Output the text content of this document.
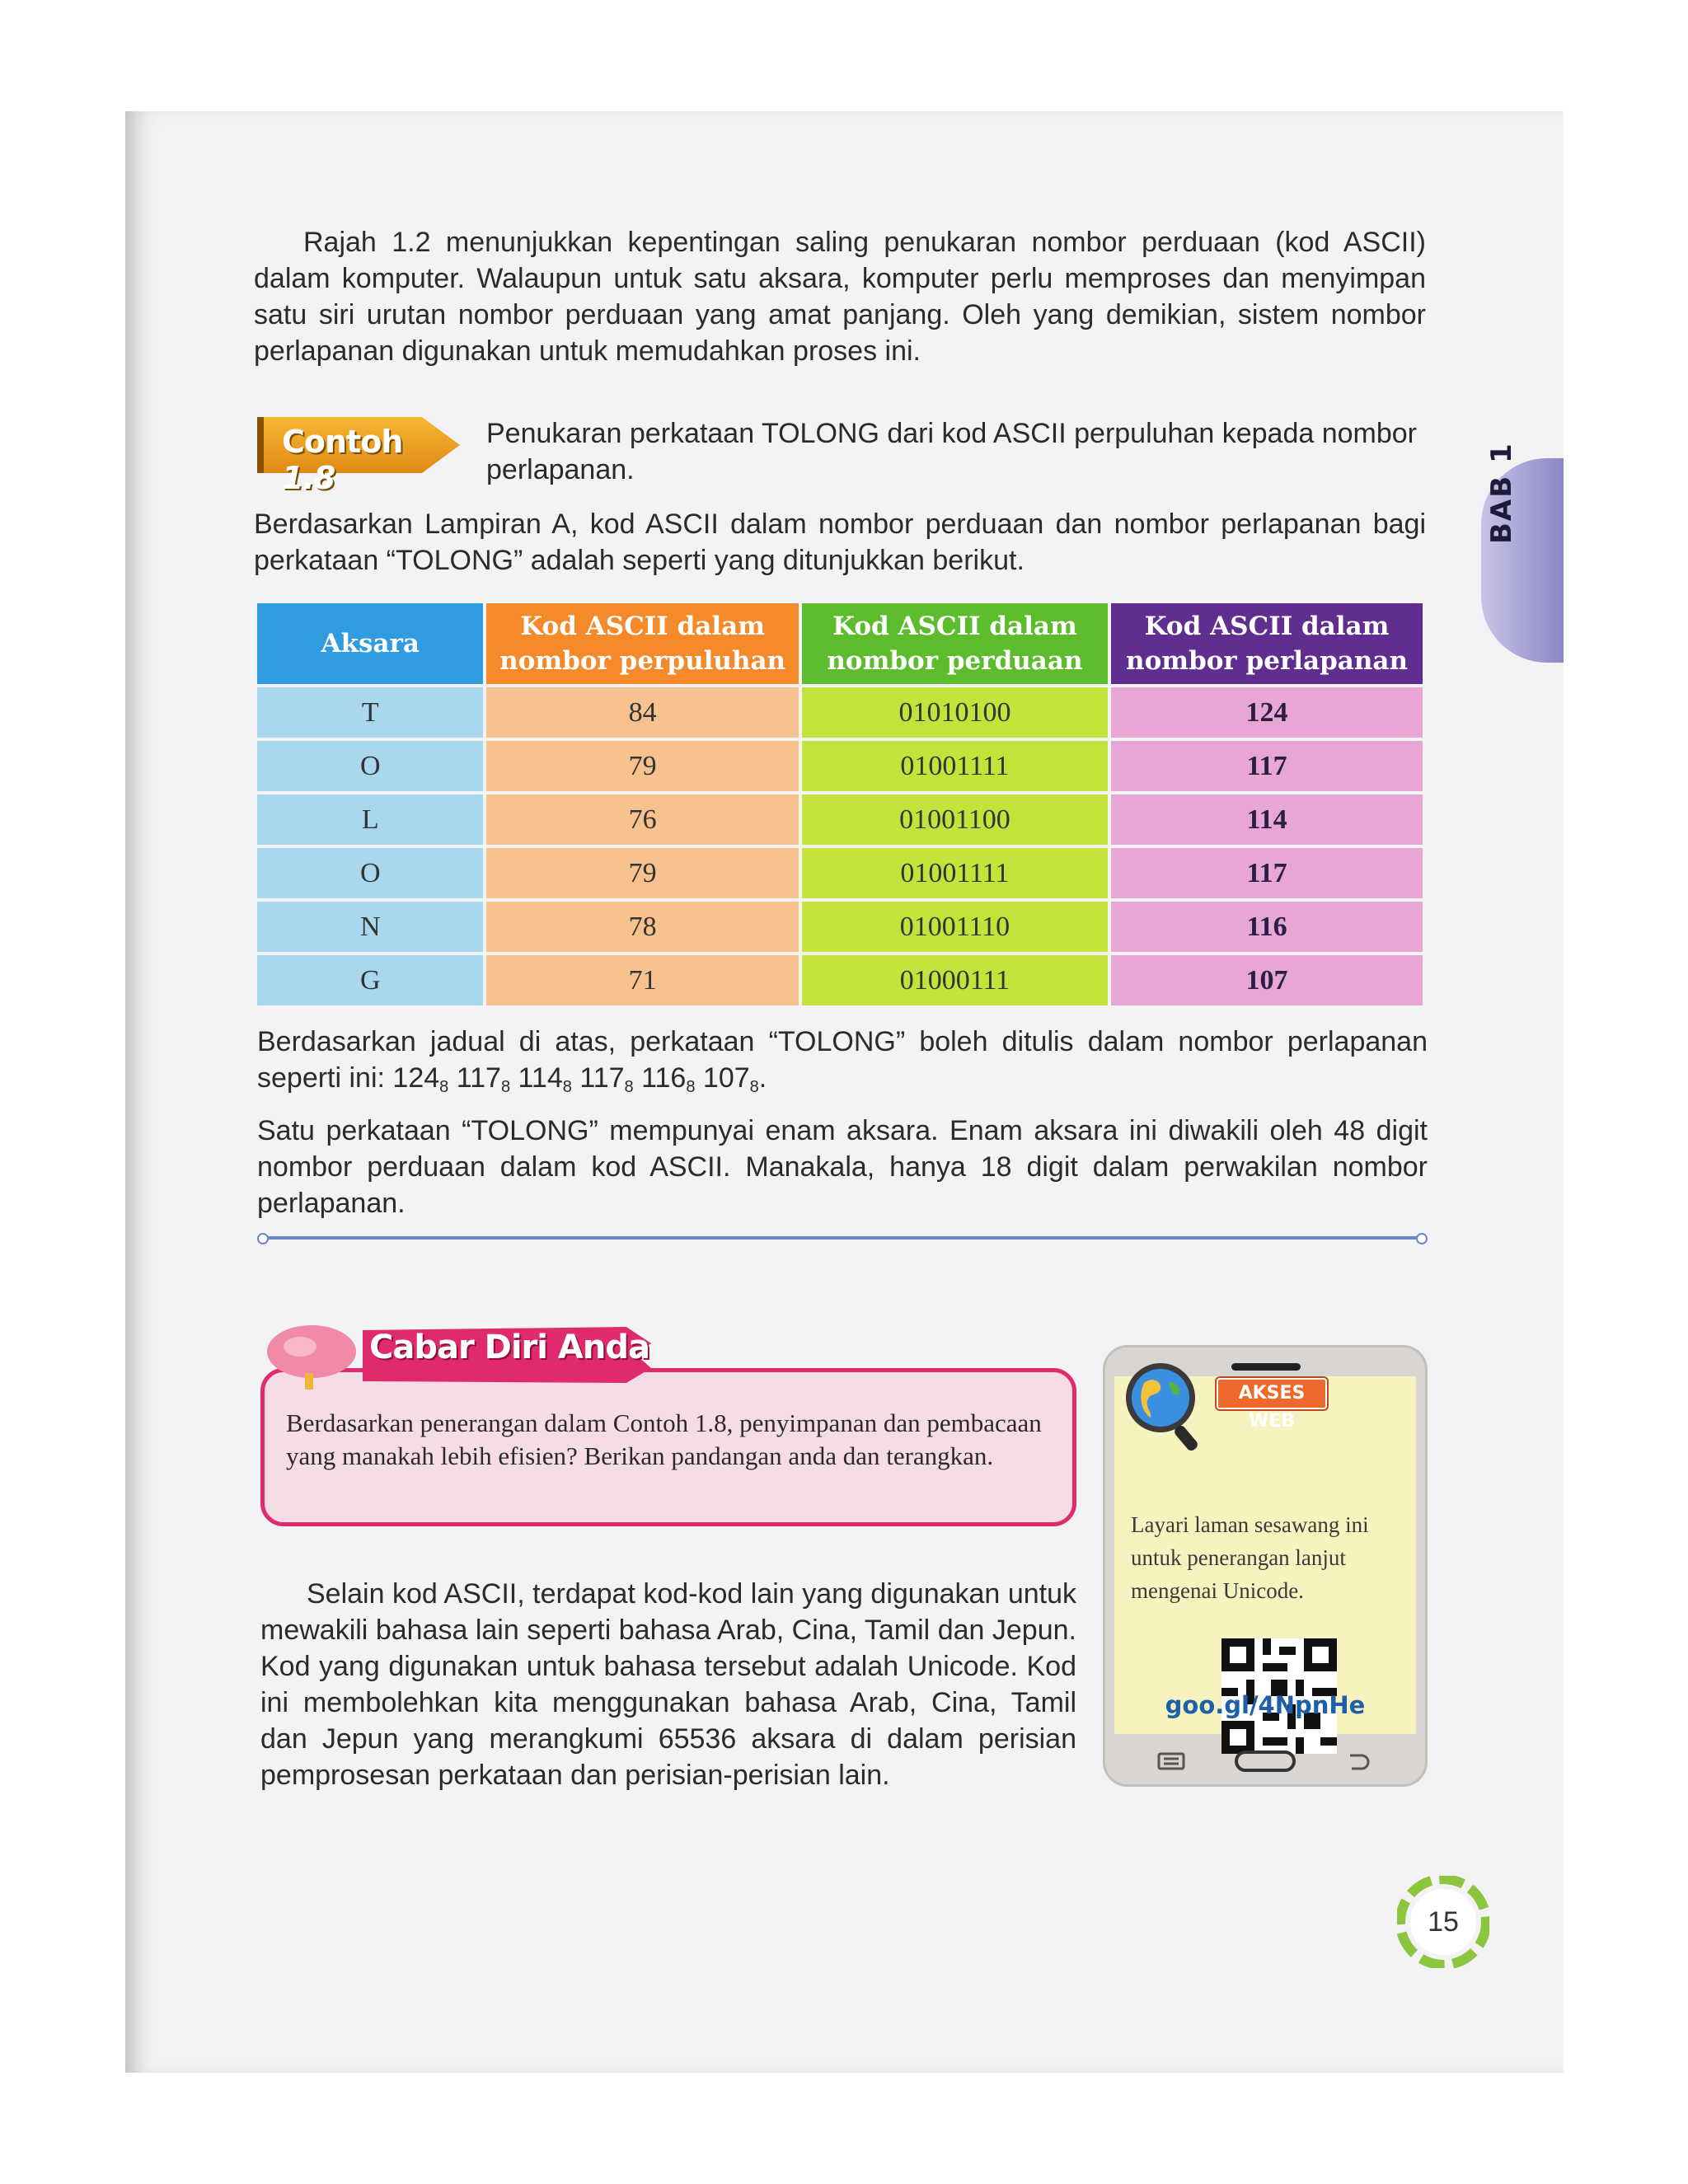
Rajah 1.2 menunjukkan kepentingan saling penukaran nombor perduaan (kod ASCII) dalam komputer. Walaupun untuk satu aksara, komputer perlu memproses dan menyimpan satu siri urutan nombor perduaan yang amat panjang. Oleh yang demikian, sistem nombor perlapanan digunakan untuk memudahkan proses ini.
Contoh 1.8
Penukaran perkataan TOLONG dari kod ASCII perpuluhan kepada nombor perlapanan.
Berdasarkan Lampiran A, kod ASCII dalam nombor perduaan dan nombor perlapanan bagi perkataan “TOLONG” adalah seperti yang ditunjukkan berikut.
Aksara	Kod ASCII dalam nombor perpuluhan	Kod ASCII dalam nombor perduaan	Kod ASCII dalam nombor perlapanan
T	84	01010100	124
O	79	01001111	117
L	76	01001100	114
O	79	01001111	117
N	78	01001110	116
G	71	01000111	107
Berdasarkan jadual di atas, perkataan “TOLONG” boleh ditulis dalam nombor perlapanan seperti ini: $124_8$ $117_8$ $114_8$ $117_8$ $116_8$ $107_8$.
Satu perkataan “TOLONG” mempunyai enam aksara. Enam aksara ini diwakili oleh 48 digit nombor perduaan dalam kod ASCII. Manakala, hanya 18 digit dalam perwakilan nombor perlapanan.
Berdasarkan penerangan dalam Contoh 1.8, penyimpanan dan pembacaan yang manakah lebih efisien? Berikan pandangan anda dan terangkan.
Cabar Diri Anda
Selain kod ASCII, terdapat kod-kod lain yang digunakan untuk mewakili bahasa lain seperti bahasa Arab, Cina, Tamil dan Jepun. Kod yang digunakan untuk bahasa tersebut adalah Unicode. Kod ini membolehkan kita menggunakan bahasa Arab, Cina, Tamil dan Jepun yang merangkumi 65536 aksara di dalam perisian pemprosesan perkataan dan perisian-perisian lain.
Layari laman sesawang ini untuk penerangan lanjut mengenai Unicode.
AKSES WEB
goo.gl/4NpnHe
BAB 1
15
